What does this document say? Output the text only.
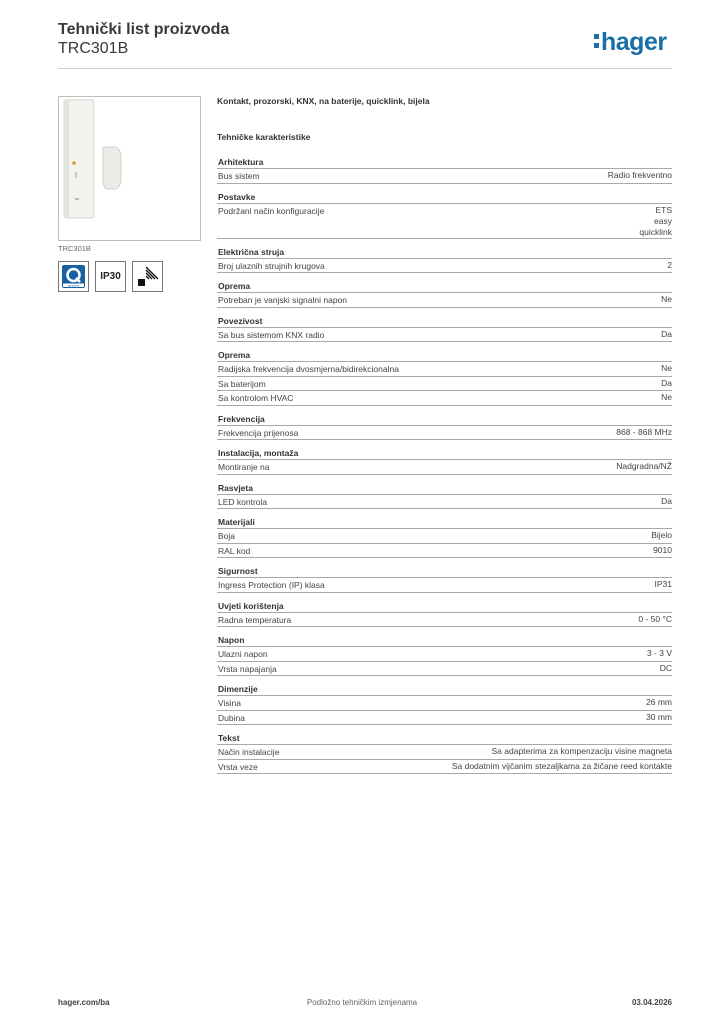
Tehnički list proizvoda
TRC301B	hager
TRC301B
quicklink
IP30
Kontakt, prozorski, KNX, na baterije, quicklink, bijela
Tehničke karakteristike
Arhitektura
Bus sistem	Radio frekventno
Postavke
Podržani način konfiguracije	ETS
easy
quicklink
Električna struja
Broj ulaznih strujnih krugova	2
Oprema
Potreban je vanjski signalni napon	Ne
Povezivost
Sa bus sistemom KNX radio	Da
Oprema
Radijska frekvencija dvosmjerna/bidirekcionalna	Ne
Sa baterijom	Da
Sa kontrolom HVAC	Ne
Frekvencija
Frekvencija prijenosa	868 - 868 MHz
Instalacija, montaža
Montiranje na	Nadgradna/NŽ
Rasvjeta
LED kontrola	Da
Materijali
Boja	Bijelo
RAL kod	9010
Sigurnost
Ingress Protection (IP) klasa	IP31
Uvjeti korištenja
Radna temperatura	0 - 50 °C
Napon
Ulazni napon	3 - 3 V
Vrsta napajanja	DC
Dimenzije
Visina	26 mm
Dubina	30 mm
Tekst
Način instalacije	Sa adapterima za kompenzaciju visine magneta
Vrsta veze	Sa dodatnim vijčanim stezaljkama za žičane reed kontakte
hager.com/ba	Podložno tehničkim izmjenama	03.04.2026
